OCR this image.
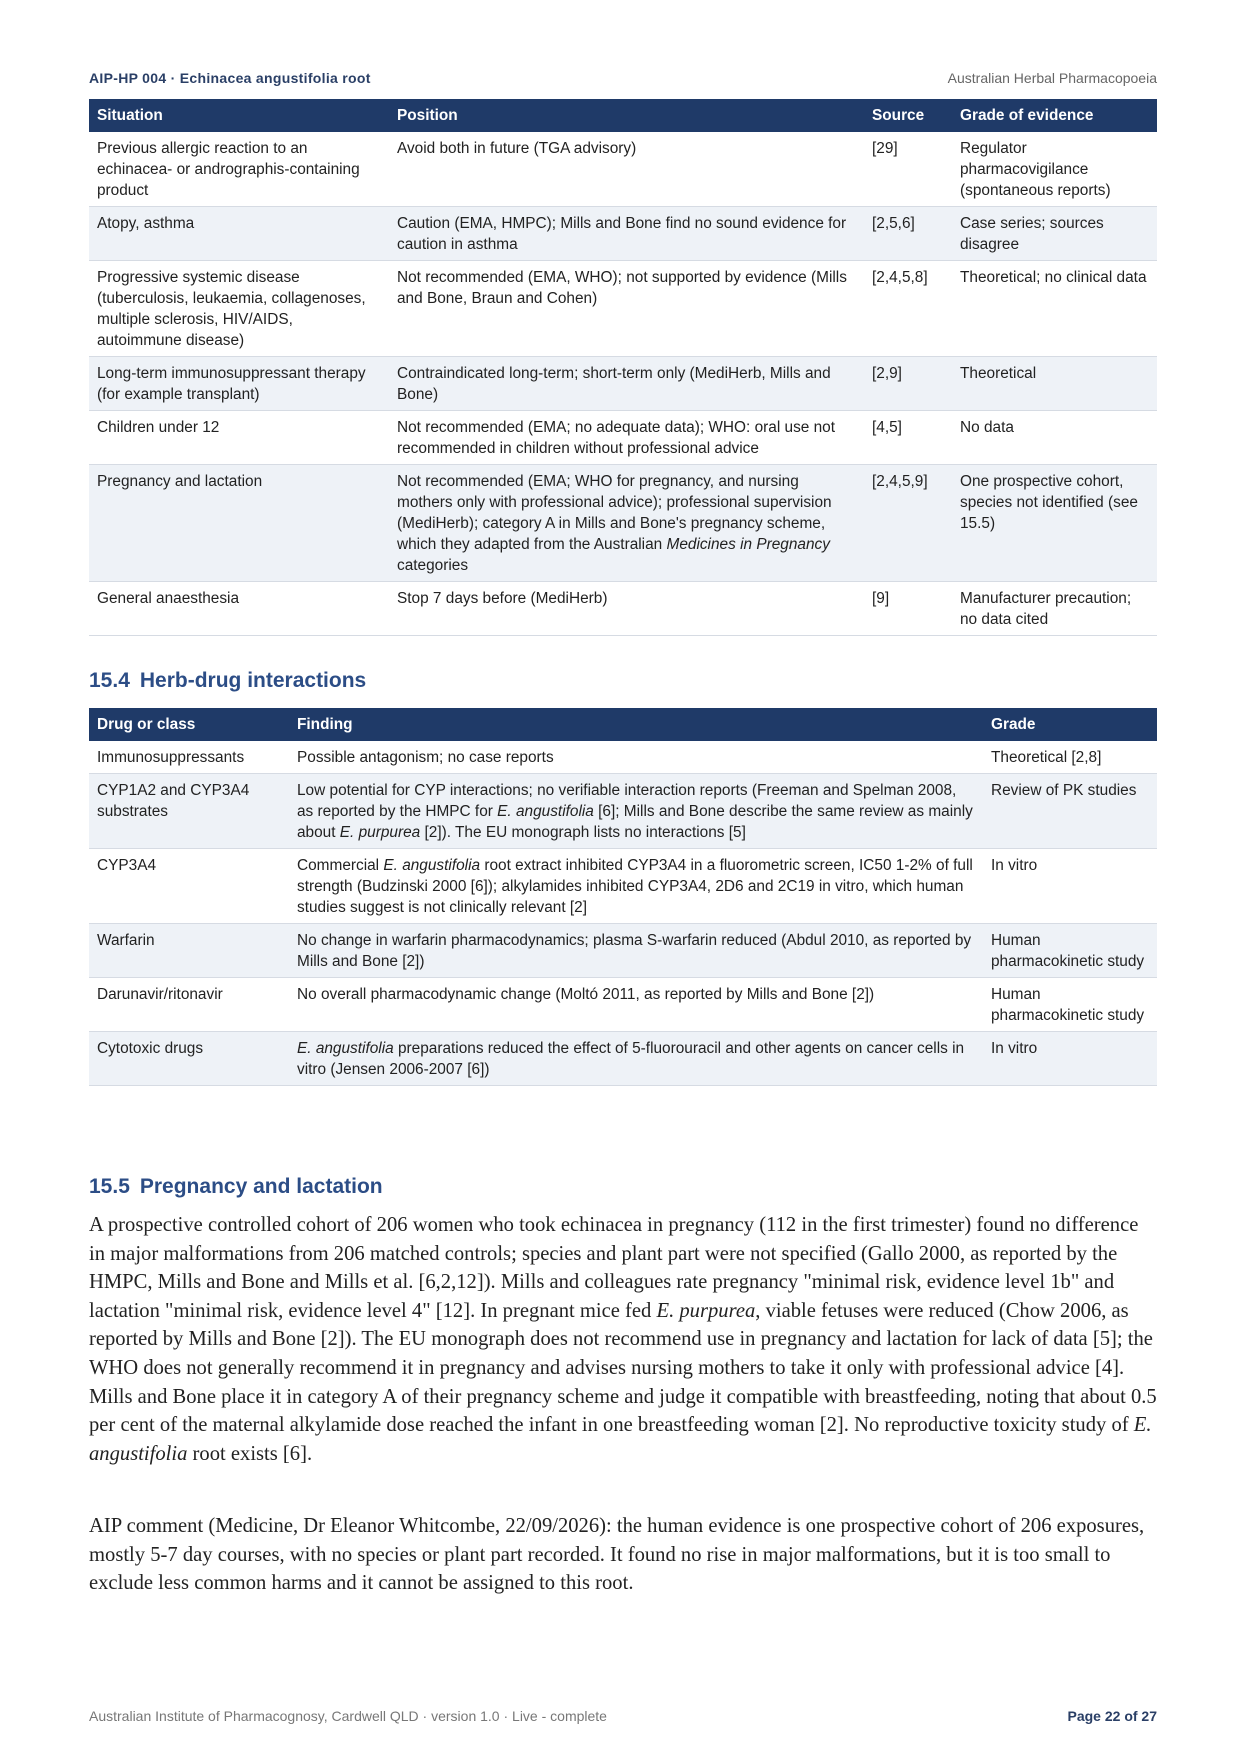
AIP-HP 004 · Echinacea angustifolia root	Australian Herbal Pharmacopoeia
Situation	Position	Source	Grade of evidence
Previous allergic reaction to an echinacea- or andrographis-containing product	Avoid both in future (TGA advisory)	[29]	Regulator pharmacovigilance (spontaneous reports)
Atopy, asthma	Caution (EMA, HMPC); Mills and Bone find no sound evidence for caution in asthma	[2,5,6]	Case series; sources disagree
Progressive systemic disease (tuberculosis, leukaemia, collagenoses, multiple sclerosis, HIV/AIDS, autoimmune disease)	Not recommended (EMA, WHO); not supported by evidence (Mills and Bone, Braun and Cohen)	[2,4,5,8]	Theoretical; no clinical data
Long-term immunosuppressant therapy (for example transplant)	Contraindicated long-term; short-term only (MediHerb, Mills and Bone)	[2,9]	Theoretical
Children under 12	Not recommended (EMA; no adequate data); WHO: oral use not recommended in children without professional advice	[4,5]	No data
Pregnancy and lactation	Not recommended (EMA; WHO for pregnancy, and nursing mothers only with professional advice); professional supervision (MediHerb); category A in Mills and Bone's pregnancy scheme, which they adapted from the Australian Medicines in Pregnancy categories	[2,4,5,9]	One prospective cohort, species not identified (see 15.5)
General anaesthesia	Stop 7 days before (MediHerb)	[9]	Manufacturer precaution; no data cited
15.4 Herb-drug interactions
Drug or class	Finding	Grade
Immunosuppressants	Possible antagonism; no case reports	Theoretical [2,8]
CYP1A2 and CYP3A4 substrates	Low potential for CYP interactions; no verifiable interaction reports (Freeman and Spelman 2008, as reported by the HMPC for E. angustifolia [6]; Mills and Bone describe the same review as mainly about E. purpurea [2]). The EU monograph lists no interactions [5]	Review of PK studies
CYP3A4	Commercial E. angustifolia root extract inhibited CYP3A4 in a fluorometric screen, IC50 1-2% of full strength (Budzinski 2000 [6]); alkylamides inhibited CYP3A4, 2D6 and 2C19 in vitro, which human studies suggest is not clinically relevant [2]	In vitro
Warfarin	No change in warfarin pharmacodynamics; plasma S-warfarin reduced (Abdul 2010, as reported by Mills and Bone [2])	Human pharmacokinetic study
Darunavir/ritonavir	No overall pharmacodynamic change (Moltó 2011, as reported by Mills and Bone [2])	Human pharmacokinetic study
Cytotoxic drugs	E. angustifolia preparations reduced the effect of 5-fluorouracil and other agents on cancer cells in vitro (Jensen 2006-2007 [6])	In vitro
15.5 Pregnancy and lactation

A prospective controlled cohort of 206 women who took echinacea in pregnancy (112 in the first trimester) found no difference in major malformations from 206 matched controls; species and plant part were not specified (Gallo 2000, as reported by the HMPC, Mills and Bone and Mills et al. [6,2,12]). Mills and colleagues rate pregnancy "minimal risk, evidence level 1b" and lactation "minimal risk, evidence level 4" [12]. In pregnant mice fed E. purpurea, viable fetuses were reduced (Chow 2006, as reported by Mills and Bone [2]). The EU monograph does not recommend use in pregnancy and lactation for lack of data [5]; the WHO does not generally recommend it in pregnancy and advises nursing mothers to take it only with professional advice [4]. Mills and Bone place it in category A of their pregnancy scheme and judge it compatible with breastfeeding, noting that about 0.5 per cent of the maternal alkylamide dose reached the infant in one breastfeeding woman [2]. No reproductive toxicity study of E. angustifolia root exists [6].

AIP comment (Medicine, Dr Eleanor Whitcombe, 22/09/2026): the human evidence is one prospective cohort of 206 exposures, mostly 5-7 day courses, with no species or plant part recorded. It found no rise in major malformations, but it is too small to exclude less common harms and it cannot be assigned to this root.

Australian Institute of Pharmacognosy, Cardwell QLD · version 1.0 · Live - complete	Page 22 of 27
